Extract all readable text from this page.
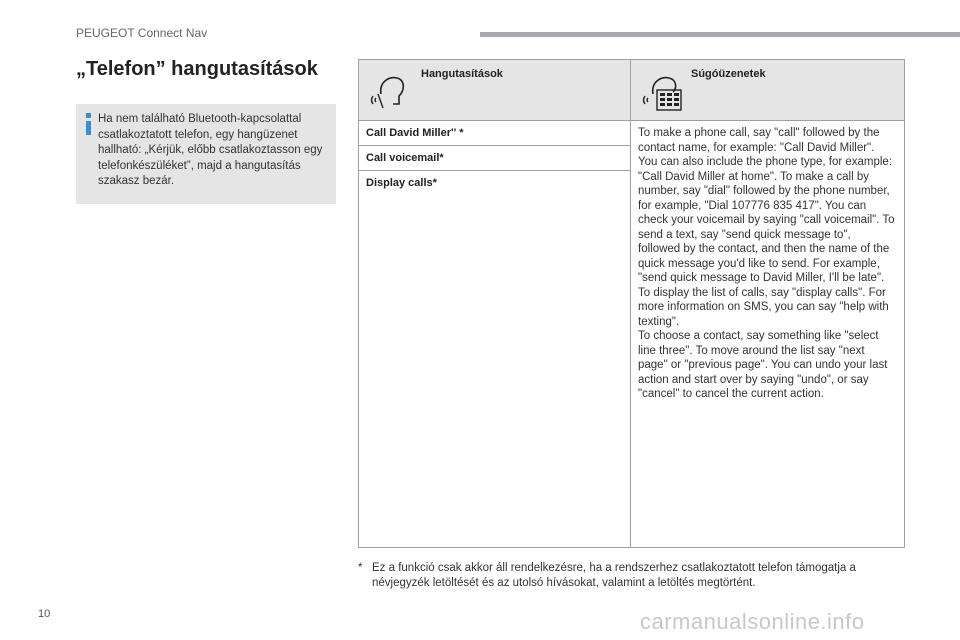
PEUGEOT Connect Nav
„Telefon” hangutasítások
Ha nem található Bluetooth-kapcsolattal csatlakoztatott telefon, egy hangüzenet hallható: „Kérjük, előbb csatlakoztasson egy telefonkészüléket”, majd a hangutasítás szakasz bezár.
Hangutasítások	Súgóüzenetek

Call David Miller'' *	To make a phone call, say "call" followed by the contact name, for example: "Call David Miller". You can also include the phone type, for example: "Call David Miller at home". To make a call by number, say "dial" followed by the phone number, for example, "Dial 107776 835 417". You can check your voicemail by saying "call voicemail". To send a text, say "send quick message to", followed by the contact, and then the name of the quick message you'd like to send. For example, "send quick message to David Miller, I'll be late". To display the list of calls, say "display calls". For more information on SMS, you can say "help with texting".
To choose a contact, say something like "select line three". To move around the list say "next page" or "previous page". You can undo your last action and start over by saying "undo", or say "cancel" to cancel the current action.

Call voicemail*	
Display calls*	
* Ez a funkció csak akkor áll rendelkezésre, ha a rendszerhez csatlakoztatott telefon támogatja a névjegyzék letöltését és az utolsó hívásokat, valamint a letöltés megtörtént.
10	carmanualsonline.info
